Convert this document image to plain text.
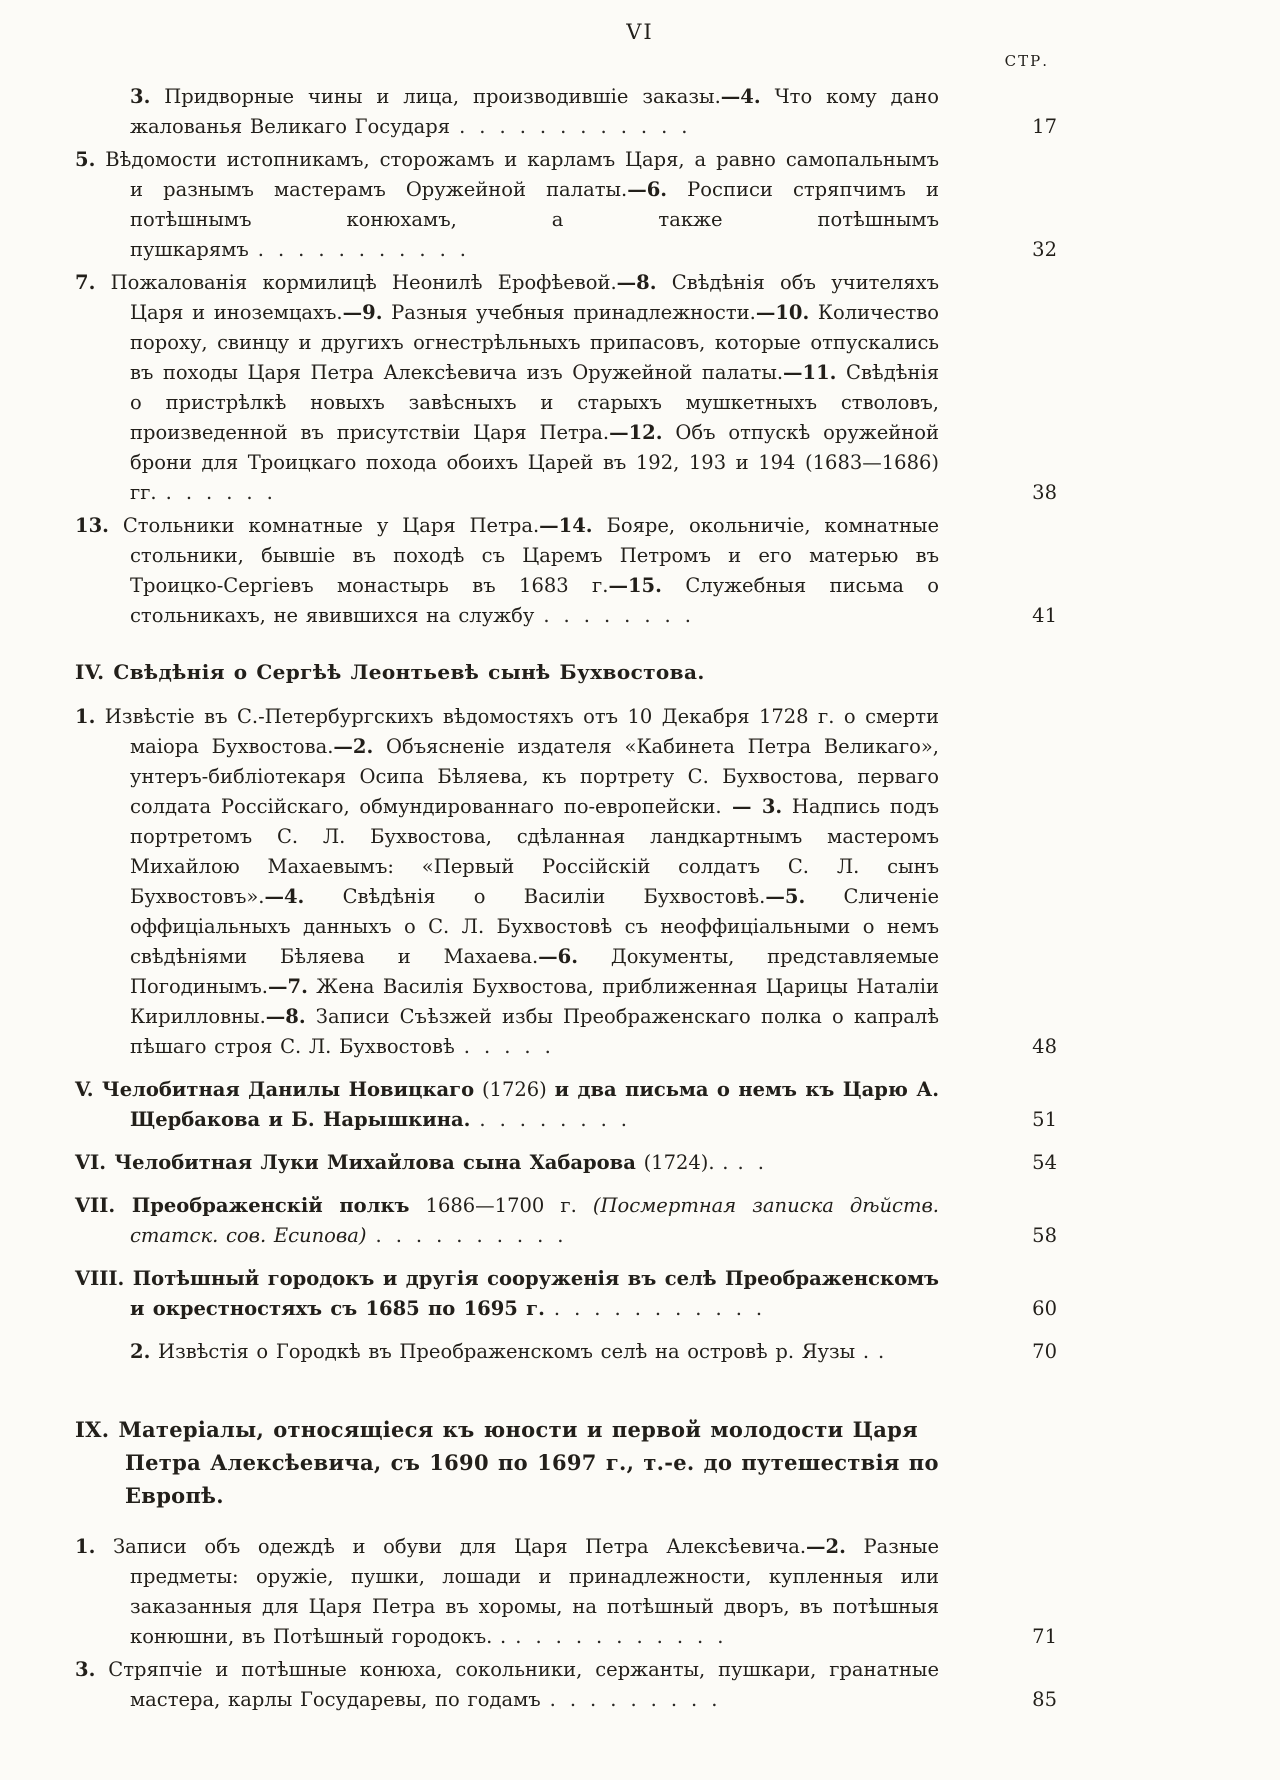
VI
СТР.

3. Придворные чины и лица, производившіе заказы.—4. Что кому дано жалованья Великаго Государя ............	17

5. Вѣдомости истопникамъ, сторожамъ и карламъ Царя, а равно самопальнымъ и разнымъ мастерамъ Оружейной палаты.—6. Росписи стряпчимъ и потѣшнымъ конюхамъ, а также потѣшнымъ пушкарямъ ...........	32

7. Пожалованія кормилицѣ Неонилѣ Ерофѣевой.—8. Свѣдѣнія объ учителяхъ Царя и иноземцахъ.—9. Разныя учебныя принадлежности.—10. Количество пороху, свинцу и другихъ огнестрѣльныхъ припасовъ, которые отпускались въ походы Царя Петра Алексѣевича изъ Оружейной палаты.—11. Свѣдѣнія о пристрѣлкѣ новыхъ завѣсныхъ и старыхъ мушкетныхъ стволовъ, произведенной въ присутствіи Царя Петра.—12. Объ отпускѣ оружейной брони для Троицкаго похода обоихъ Царей въ 192, 193 и 194 (1683—1686) гг. ......	38

13. Стольники комнатные у Царя Петра.—14. Бояре, окольничіе, комнатные стольники, бывшіе въ походѣ съ Царемъ Петромъ и его матерью въ Троицко-Сергіевъ монастырь въ 1683 г.—15. Служебныя письма о стольникахъ, не явившихся на службу ........	41

IV. Свѣдѣнія о Сергѣѣ Леонтьевѣ сынѣ Бухвостова.

1. Извѣстіе въ С.-Петербургскихъ вѣдомостяхъ отъ 10 Декабря 1728 г. о смерти маіора Бухвостова.—2. Объясненіе издателя «Кабинета Петра Великаго», унтеръ-библіотекаря Осипа Бѣляева, къ портрету С. Бухвостова, перваго солдата Россійскаго, обмундированнаго по-европейски. — 3. Надпись подъ портретомъ С. Л. Бухвостова, сдѣланная ландкартнымъ мастеромъ Михайлою Махаевымъ: «Первый Россійскій солдатъ С. Л. сынъ Бухвостовъ».—4. Свѣдѣнія о Василіи Бухвостовѣ.—5. Сличеніе оффиціальныхъ данныхъ о С. Л. Бухвостовѣ съ неоффиціальными о немъ свѣдѣніями Бѣляева и Махаева.—6. Документы, представляемые Погодинымъ.—7. Жена Василія Бухвостова, приближенная Царицы Наталіи Кирилловны.—8. Записи Съѣзжей избы Преображенскаго полка о капралѣ пѣшаго строя С. Л. Бухвостовѣ .....	48

V. Челобитная Данилы Новицкаго (1726) и два письма о немъ къ Царю А. Щербакова и Б. Нарышкина. ........	51

VI. Челобитная Луки Михайлова сына Хабарова (1724). . ..	54

VII. Преображенскій полкъ 1686—1700 г. (Посмертная записка дѣйств. статск. сов. Есипова) ..........	58

VIII. Потѣшный городокъ и другія сооруженія въ селѣ Преображенскомъ и окрестностяхъ съ 1685 по 1695 г. ...........	60

2. Извѣстія о Городкѣ въ Преображенскомъ селѣ на островѣ р. Яузы . .	70

IX. Матеріалы, относящіеся къ юности и первой молодости Царя Петра Алексѣевича, съ 1690 по 1697 г., т.-е. до путешествія по Европѣ.

1. Записи объ одеждѣ и обуви для Царя Петра Алексѣевича.—2. Разные предметы: оружіе, пушки, лошади и принадлежности, купленныя или заказанныя для Царя Петра въ хоромы, на потѣшный дворъ, въ потѣшныя конюшни, въ Потѣшный городокъ. . ...........	71

3. Стряпчіе и потѣшные конюха, сокольники, сержанты, пушкари, гранатные мастера, карлы Государевы, по годамъ .........	85
